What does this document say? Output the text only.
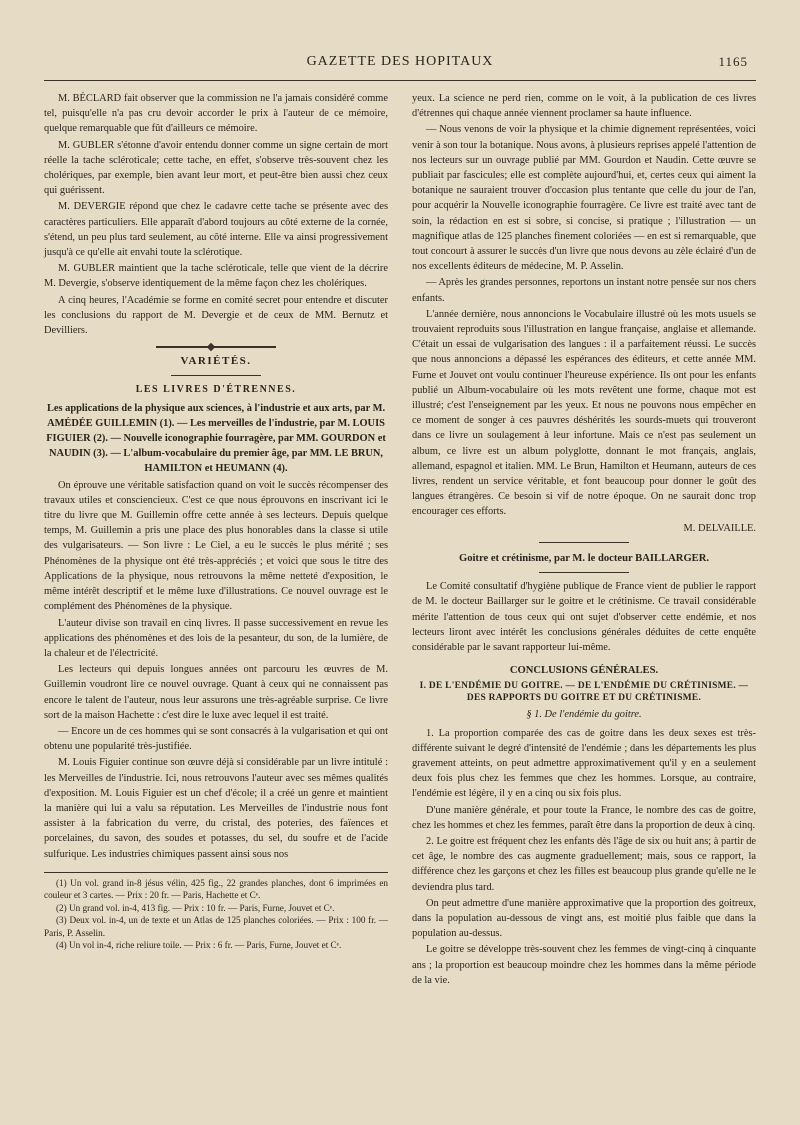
GAZETTE DES HOPITAUX	1165

M. BÉCLARD fait observer que la commission ne l'a jamais considéré comme tel, puisqu'elle n'a pas cru devoir accorder le prix à l'auteur de ce mémoire, quelque remarquable que fût d'ailleurs ce mémoire.

M. GUBLER s'étonne d'avoir entendu donner comme un signe certain de mort réelle la tache scléroticale; cette tache, en effet, s'observe très-souvent chez les cholériques, par exemple, bien avant leur mort, et peut-être bien aussi chez ceux qui guérissent.

M. DEVERGIE répond que chez le cadavre cette tache se présente avec des caractères particuliers. Elle apparaît d'abord toujours au côté externe de la cornée, s'étend, un peu plus tard seulement, au côté interne. Elle va ainsi progressivement jusqu'à ce qu'elle ait envahi toute la sclérotique.

M. GUBLER maintient que la tache scléroticale, telle que vient de la décrire M. Devergie, s'observe identiquement de la même façon chez les cholériques.

A cinq heures, l'Académie se forme en comité secret pour entendre et discuter les conclusions du rapport de M. Devergie et de ceux de MM. Bernutz et Devilliers.

VARIÉTÉS.
LES LIVRES D'ÉTRENNES.

Les applications de la physique aux sciences, à l'industrie et aux arts, par M. AMÉDÉE GUILLEMIN (1). — Les merveilles de l'industrie, par M. LOUIS FIGUIER (2). — Nouvelle iconographie fourragère, par MM. GOURDON et NAUDIN (3). — L'album-vocabulaire du premier âge, par MM. LE BRUN, HAMILTON et HEUMANN (4).

On éprouve une véritable satisfaction quand on voit le succès récompenser des travaux utiles et consciencieux. C'est ce que nous éprouvons en inscrivant ici le titre du livre que M. Guillemin offre cette année à ses lecteurs. Depuis quelque temps, M. Guillemin a pris une place des plus honorables dans la classe si utile des vulgarisateurs. — Son livre : Le Ciel, a eu le succès le plus mérité ; ses Phénomènes de la physique ont été très-appréciés ; et voici que sous le titre des Applications de la physique, nous retrouvons la même netteté d'exposition, le même intérêt descriptif et le même luxe d'illustrations. Ce nouvel ouvrage est le complément des Phénomènes de la physique.

L'auteur divise son travail en cinq livres. Il passe successivement en revue les applications des phénomènes et des lois de la pesanteur, du son, de la lumière, de la chaleur et de l'électricité.

Les lecteurs qui depuis longues années ont parcouru les œuvres de M. Guillemin voudront lire ce nouvel ouvrage. Quant à ceux qui ne connaissent pas encore le talent de l'auteur, nous leur assurons une très-agréable surprise. Ce livre sort de la maison Hachette : c'est dire le luxe avec lequel il est traité.

— Encore un de ces hommes qui se sont consacrés à la vulgarisation et qui ont obtenu une popularité très-justifiée.

M. Louis Figuier continue son œuvre déjà si considérable par un livre intitulé : les Merveilles de l'industrie. Ici, nous retrouvons l'auteur avec ses mêmes qualités d'exposition. M. Louis Figuier est un chef d'école; il a créé un genre et maintient la manière qui lui a valu sa réputation. Les Merveilles de l'industrie nous font assister à la fabrication du verre, du cristal, des poteries, des faïences et porcelaines, du savon, des soudes et potasses, du sel, du soufre et de l'acide sulfurique. Les industries chimiques passent ainsi sous nos

(1) Un vol. grand in-8 jésus vélin, 425 fig., 22 grandes planches, dont 6 imprimées en couleur et 3 cartes. — Prix : 20 fr. — Paris, Hachette et Cᵉ.

(2) Un grand vol. in-4, 413 fig. — Prix : 10 fr. — Paris, Furne, Jouvet et Cᵉ.

(3) Deux vol. in-4, un de texte et un Atlas de 125 planches coloriées. — Prix : 100 fr. — Paris, P. Asselin.

(4) Un vol in-4, riche reliure toile. — Prix : 6 fr. — Paris, Furne, Jouvet et Cᵉ.

yeux. La science ne perd rien, comme on le voit, à la publication de ces livres d'étrennes qui chaque année viennent proclamer sa haute influence.

— Nous venons de voir la physique et la chimie dignement représentées, voici venir à son tour la botanique. Nous avons, à plusieurs reprises appelé l'attention de nos lecteurs sur un ouvrage publié par MM. Gourdon et Naudin. Cette œuvre se publiait par fascicules; elle est complète aujourd'hui, et, certes ceux qui aiment la botanique ne sauraient trouver d'occasion plus tentante que celle du jour de l'an, pour acquérir la Nouvelle iconographie fourragère. Ce livre est traité avec tant de soin, la rédaction en est si sobre, si concise, si pratique ; l'illustration — un magnifique atlas de 125 planches finement coloriées — en est si remarquable, que tout concourt à assurer le succès d'un livre que nous devons au zèle éclairé d'un de nos excellents éditeurs de médecine, M. P. Asselin.

— Après les grandes personnes, reportons un instant notre pensée sur nos chers enfants.

L'année dernière, nous annoncions le Vocabulaire illustré où les mots usuels se trouvaient reproduits sous l'illustration en langue française, anglaise et allemande. C'était un essai de vulgarisation des langues : il a parfaitement réussi. Le succès que nous annoncions a dépassé les espérances des éditeurs, et cette année MM. Furne et Jouvet ont voulu continuer l'heureuse expérience. Ils ont pour les enfants publié un Album-vocabulaire où les mots revêtent une forme, chaque mot est illustré; c'est l'enseignement par les yeux. Et nous ne pouvons nous empêcher en ce moment de songer à ces pauvres déshérités les sourds-muets qui trouveront dans ce livre un soulagement à leur infortune. Mais ce n'est pas seulement un album, ce livre est un album polyglotte, donnant le mot français, anglais, allemand, espagnol et italien. MM. Le Brun, Hamilton et Heumann, auteurs de ces livres, rendent un service véritable, et font beaucoup pour donner le goût des langues étrangères. Ce besoin si vif de notre époque. On ne saurait donc trop encourager ces efforts.

M. DELVAILLE.

Goitre et crétinisme, par M. le docteur BAILLARGER.

Le Comité consultatif d'hygiène publique de France vient de publier le rapport de M. le docteur Baillarger sur le goitre et le crétinisme. Ce travail considérable mérite l'attention de tous ceux qui ont sujet d'observer cette endémie, et nos lecteurs liront avec intérêt les conclusions générales déduites de cette enquête considérable par le savant rapporteur lui-même.

CONCLUSIONS GÉNÉRALES.
I. DE L'ENDÉMIE DU GOITRE. — DE L'ENDÉMIE DU CRÉTINISME. — DES RAPPORTS DU GOITRE ET DU CRÉTINISME.
§ 1. De l'endémie du goitre.

1. La proportion comparée des cas de goitre dans les deux sexes est très-différente suivant le degré d'intensité de l'endémie ; dans les départements les plus gravement atteints, on peut admettre approximativement qu'il y en a seulement deux fois plus chez les femmes que chez les hommes. Lorsque, au contraire, l'endémie est légère, il y en a cinq ou six fois plus.

D'une manière générale, et pour toute la France, le nombre des cas de goitre, chez les hommes et chez les femmes, paraît être dans la proportion de deux à cinq.

2. Le goitre est fréquent chez les enfants dès l'âge de six ou huit ans; à partir de cet âge, le nombre des cas augmente graduellement; mais, sous ce rapport, la différence chez les garçons et chez les filles est beaucoup plus grande qu'elle ne le deviendra plus tard.

On peut admettre d'une manière approximative que la proportion des goitreux, dans la population au-dessous de vingt ans, est moitié plus faible que dans la population au-dessus.

Le goitre se développe très-souvent chez les femmes de vingt-cinq à cinquante ans ; la proportion est beaucoup moindre chez les hommes dans la même période de la vie.
